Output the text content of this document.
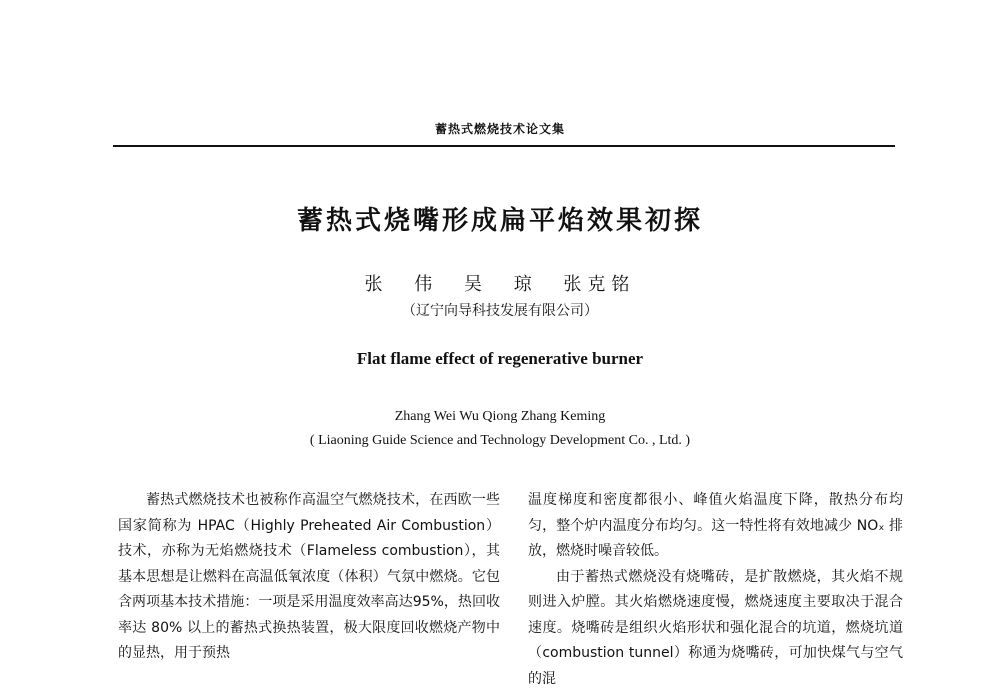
蓄热式燃烧技术论文集
蓄热式烧嘴形成扁平焰效果初探
张 伟 吴 琼 张克铭
（辽宁向导科技发展有限公司）
Flat flame effect of regenerative burner
Zhang Wei Wu Qiong Zhang Keming
( Liaoning Guide Science and Technology Development Co. , Ltd. )

蓄热式燃烧技术也被称作高温空气燃烧技术，在西欧一些国家简称为 HPAC（Highly Preheated Air Combustion）技术，亦称为无焰燃烧技术（Flameless combustion），其基本思想是让燃料在高温低氧浓度（体积）气氛中燃烧。它包含两项基本技术措施：一项是采用温度效率高达95%，热回收率达 80% 以上的蓄热式换热装置，极大限度回收燃烧产物中的显热，用于预热

温度梯度和密度都很小、峰值火焰温度下降，散热分布均匀，整个炉内温度分布均匀。这一特性将有效地减少 NOₓ 排放，燃烧时噪音较低。

由于蓄热式燃烧没有烧嘴砖，是扩散燃烧，其火焰不规则进入炉膛。其火焰燃烧速度慢，燃烧速度主要取决于混合速度。烧嘴砖是组织火焰形状和强化混合的坑道，燃烧坑道（combustion tunnel）称通为烧嘴砖，可加快煤气与空气的混
